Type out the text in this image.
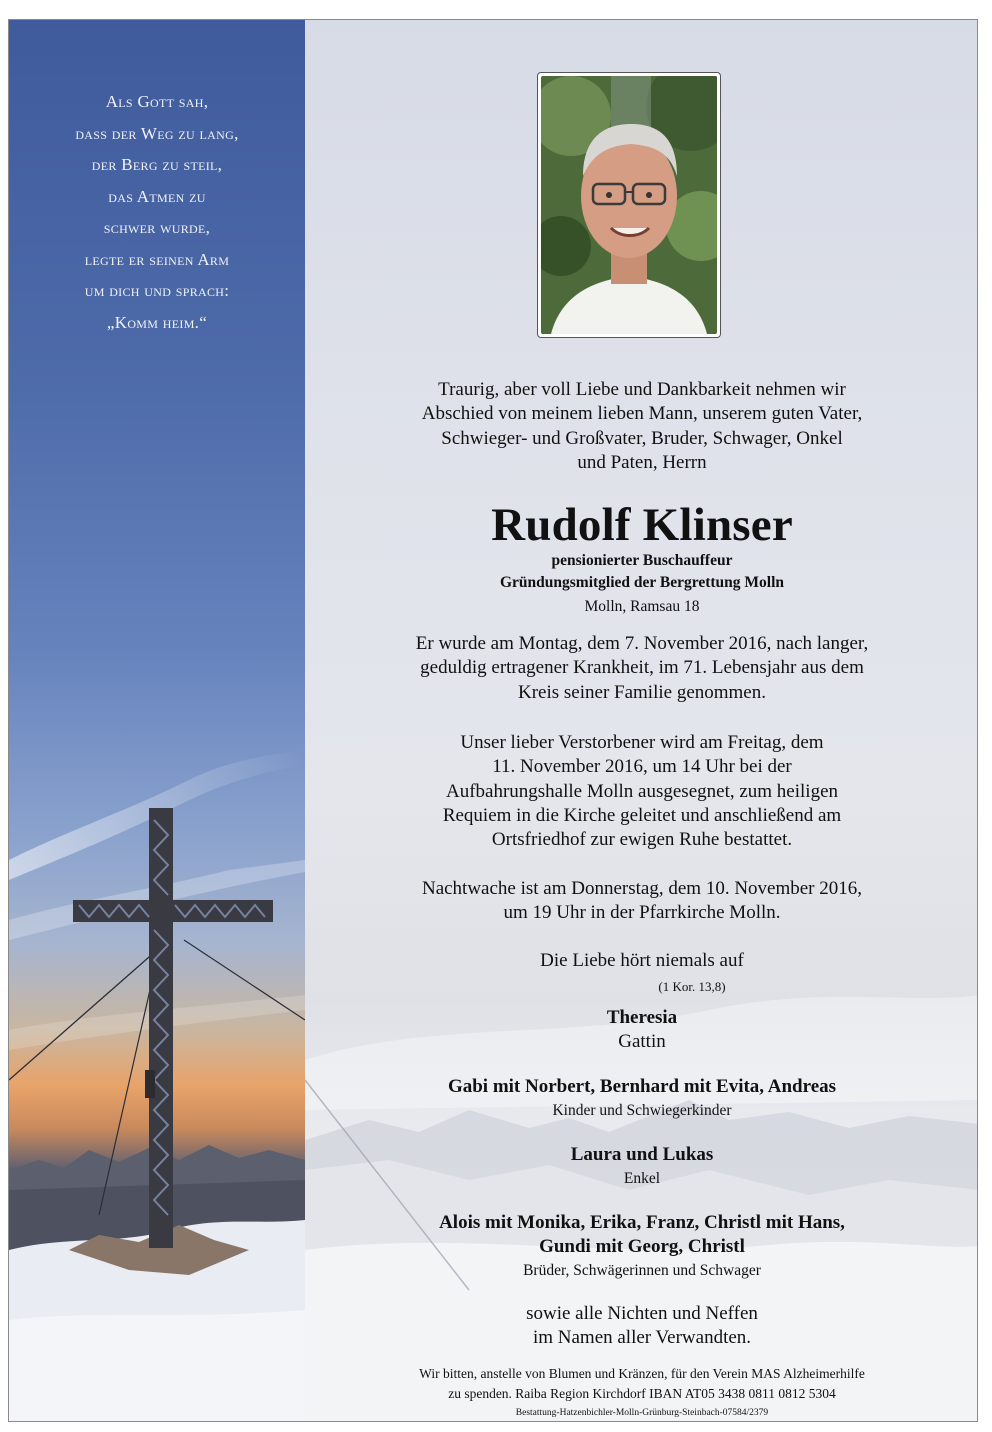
Als Gott sah,
dass der Weg zu lang,
der Berg zu steil,
das Atmen zu
schwer wurde,
legte er seinen Arm
um dich und sprach:
„Komm heim.“
Traurig, aber voll Liebe und Dankbarkeit nehmen wir
Abschied von meinem lieben Mann, unserem guten Vater,
Schwieger- und Großvater, Bruder, Schwager, Onkel
und Paten, Herrn
Rudolf Klinser
pensionierter Buschauffeur
Gründungsmitglied der Bergrettung Molln
Molln, Ramsau 18
Er wurde am Montag, dem 7. November 2016, nach langer,
geduldig ertragener Krankheit, im 71. Lebensjahr aus dem
Kreis seiner Familie genommen.
Unser lieber Verstorbener wird am Freitag, dem
11. November 2016, um 14 Uhr bei der
Aufbahrungshalle Molln ausgesegnet, zum heiligen
Requiem in die Kirche geleitet und anschließend am
Ortsfriedhof zur ewigen Ruhe bestattet.
Nachtwache ist am Donnerstag, dem 10. November 2016,
um 19 Uhr in der Pfarrkirche Molln.
Die Liebe hört niemals auf
(1 Kor. 13,8)
Theresia
Gattin
Gabi mit Norbert, Bernhard mit Evita, Andreas
Kinder und Schwiegerkinder
Laura und Lukas
Enkel
Alois mit Monika, Erika, Franz, Christl mit Hans,
Gundi mit Georg, Christl
Brüder, Schwägerinnen und Schwager
sowie alle Nichten und Neffen
im Namen aller Verwandten.
Wir bitten, anstelle von Blumen und Kränzen, für den Verein MAS Alzheimerhilfe
zu spenden. Raiba Region Kirchdorf IBAN AT05 3438 0811 0812 5304
Bestattung-Hatzenbichler-Molln-Grünburg-Steinbach-07584/2379
